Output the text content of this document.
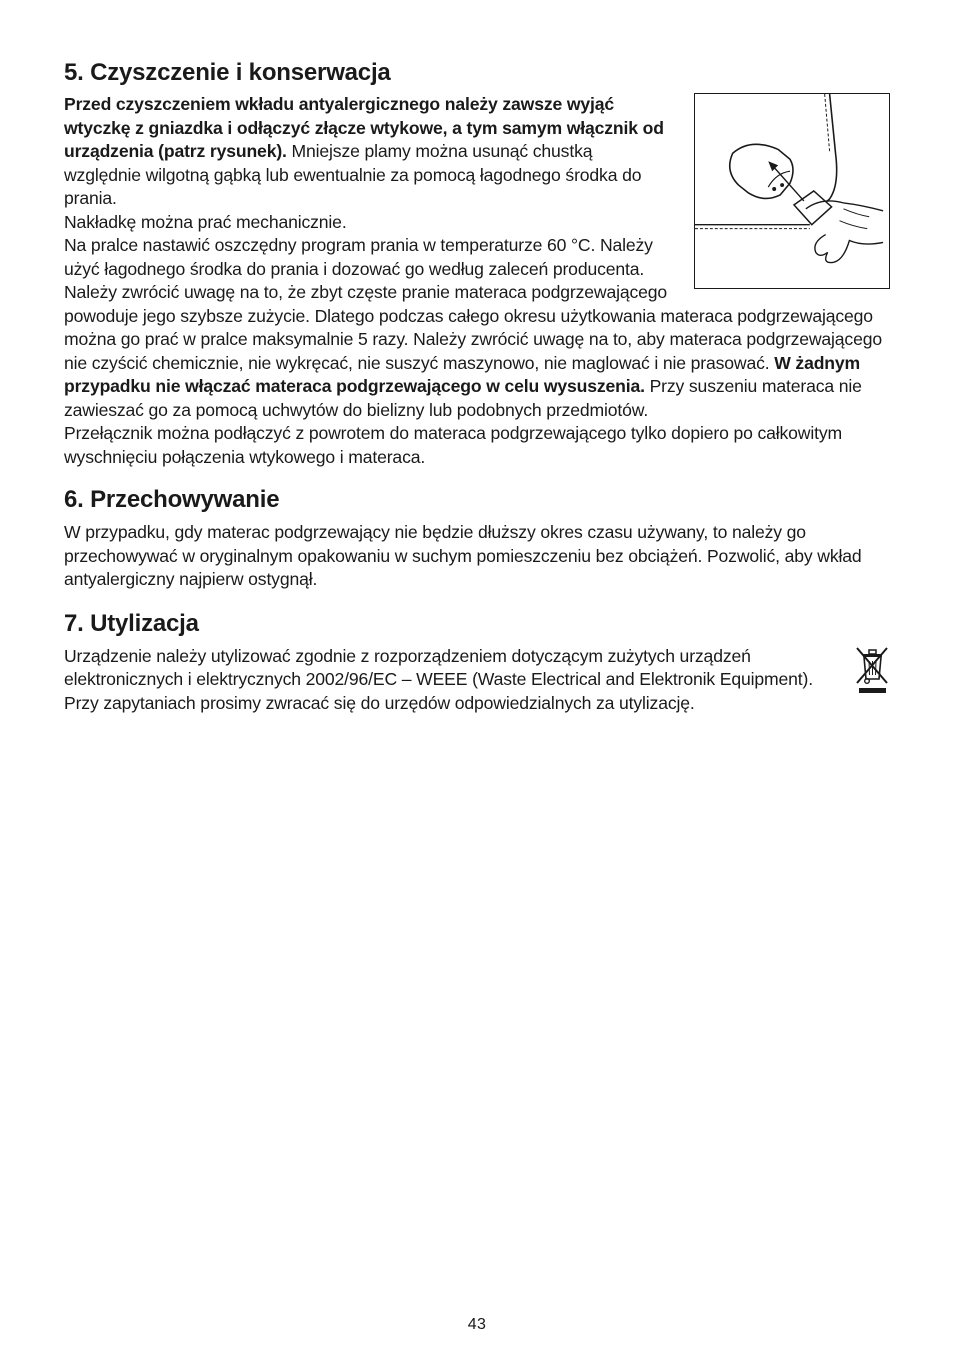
5. Czyszczenie i konserwacja

Przed czyszczeniem wkładu antyalergicznego należy zawsze wyjąć wtyczkę z gniazdka i odłączyć złącze wtykowe, a tym samym włącznik od urządzenia (patrz rysunek). Mniejsze plamy można usunąć chustką względnie wilgotną gąbką lub ewentualnie za pomocą łagodnego środka do prania.

Nakładkę można prać mechanicznie.

Na pralce nastawić oszczędny program prania w temperaturze 60 °C. Należy użyć łagodnego środka do prania i dozować go według zaleceń producenta. Należy zwrócić uwagę na to, że zbyt częste pranie materaca podgrzewającego powoduje jego szybsze zużycie. Dlatego podczas całego okresu użytkowania materaca podgrzewającego można go prać w pralce maksymalnie 5 razy. Należy zwrócić uwagę na to, aby materaca podgrzewającego nie czyścić chemicznie, nie wykręcać, nie suszyć maszynowo, nie maglować i nie prasować. W żadnym przypadku nie włączać materaca podgrzewającego w celu wysuszenia. Przy suszeniu materaca nie zawieszać go za pomocą uchwytów do bielizny lub podobnych przedmiotów.

Przełącznik można podłączyć z powrotem do materaca podgrzewającego tylko dopiero po całkowitym wyschnięciu połączenia wtykowego i materaca.

6. Przechowywanie

W przypadku, gdy materac podgrzewający nie będzie dłuższy okres czasu używany, to należy go przechowywać w oryginalnym opakowaniu w suchym pomieszczeniu bez obciążeń. Pozwolić, aby wkład antyalergiczny najpierw ostygnął.

7. Utylizacja

Urządzenie należy utylizować zgodnie z rozporządzeniem dotyczącym zużytych urządzeń elektronicznych i elektrycznych 2002/96/EC – WEEE (Waste Electrical and Elektronik Equipment). Przy zapytaniach prosimy zwracać się do urzędów odpowiedzialnych za utylizację.

43
